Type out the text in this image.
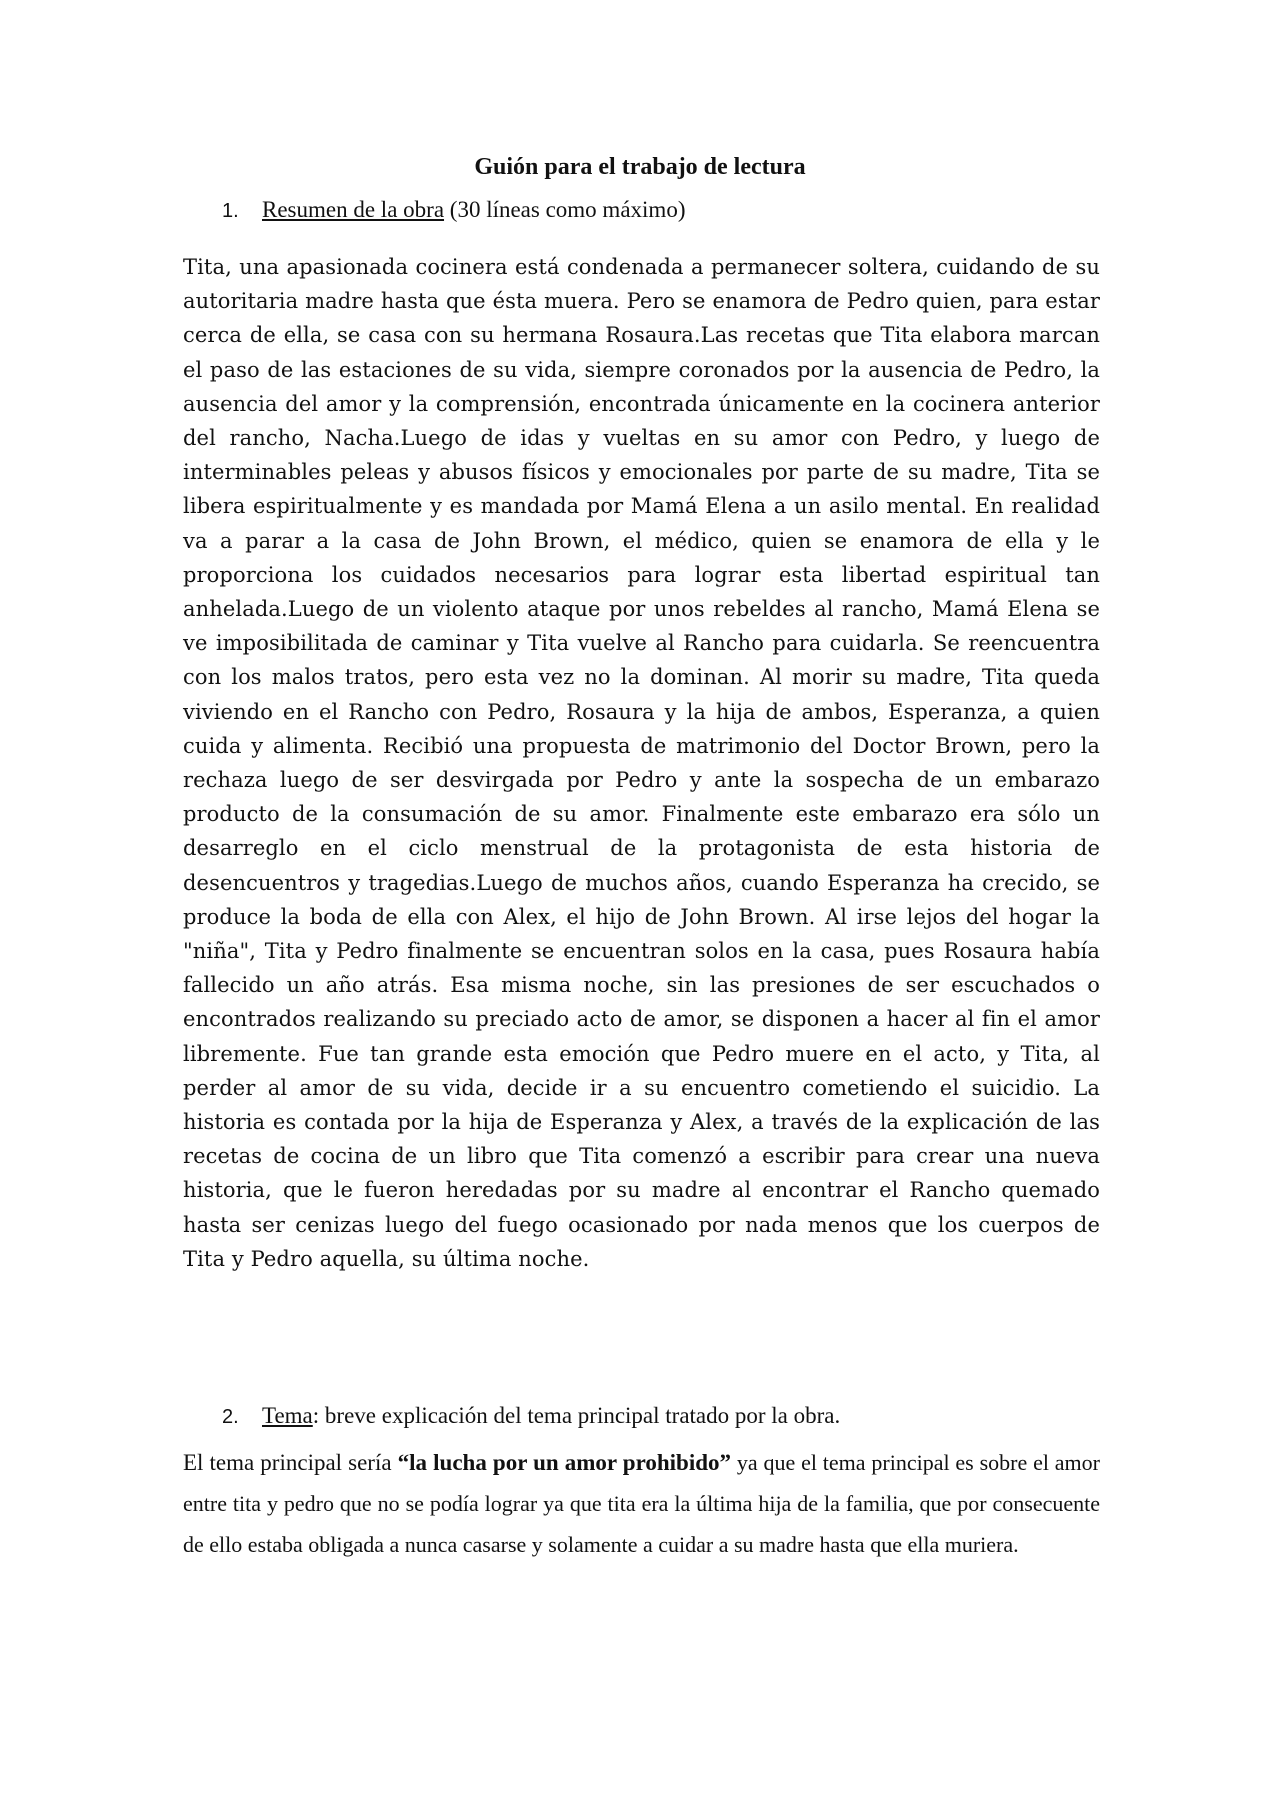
Guión para el trabajo de lectura
1. Resumen de la obra (30 líneas como máximo)

Tita, una apasionada cocinera está condenada a permanecer soltera, cuidando de su autoritaria madre hasta que ésta muera. Pero se enamora de Pedro quien, para estar cerca de ella, se casa con su hermana Rosaura.Las recetas que Tita elabora marcan el paso de las estaciones de su vida, siempre coronados por la ausencia de Pedro, la ausencia del amor y la comprensión, encontrada únicamente en la cocinera anterior del rancho, Nacha.Luego de idas y vueltas en su amor con Pedro, y luego de interminables peleas y abusos físicos y emocionales por parte de su madre, Tita se libera espiritualmente y es mandada por Mamá Elena a un asilo mental. En realidad va a parar a la casa de John Brown, el médico, quien se enamora de ella y le proporciona los cuidados necesarios para lograr esta libertad espiritual tan anhelada.Luego de un violento ataque por unos rebeldes al rancho, Mamá Elena se ve imposibilitada de caminar y Tita vuelve al Rancho para cuidarla. Se reencuentra con los malos tratos, pero esta vez no la dominan. Al morir su madre, Tita queda viviendo en el Rancho con Pedro, Rosaura y la hija de ambos, Esperanza, a quien cuida y alimenta. Recibió una propuesta de matrimonio del Doctor Brown, pero la rechaza luego de ser desvirgada por Pedro y ante la sospecha de un embarazo producto de la consumación de su amor. Finalmente este embarazo era sólo un desarreglo en el ciclo menstrual de la protagonista de esta historia de desencuentros y tragedias.Luego de muchos años, cuando Esperanza ha crecido, se produce la boda de ella con Alex, el hijo de John Brown. Al irse lejos del hogar la "niña", Tita y Pedro finalmente se encuentran solos en la casa, pues Rosaura había fallecido un año atrás. Esa misma noche, sin las presiones de ser escuchados o encontrados realizando su preciado acto de amor, se disponen a hacer al fin el amor libremente. Fue tan grande esta emoción que Pedro muere en el acto, y Tita, al perder al amor de su vida, decide ir a su encuentro cometiendo el suicidio. La historia es contada por la hija de Esperanza y Alex, a través de la explicación de las recetas de cocina de un libro que Tita comenzó a escribir para crear una nueva historia, que le fueron heredadas por su madre al encontrar el Rancho quemado hasta ser cenizas luego del fuego ocasionado por nada menos que los cuerpos de Tita y Pedro aquella, su última noche.

2. Tema: breve explicación del tema principal tratado por la obra.

El tema principal sería “la lucha por un amor prohibido” ya que el tema principal es sobre el amor entre tita y pedro que no se podía lograr ya que tita era la última hija de la familia, que por consecuente de ello estaba obligada a nunca casarse y solamente a cuidar a su madre hasta que ella muriera.
